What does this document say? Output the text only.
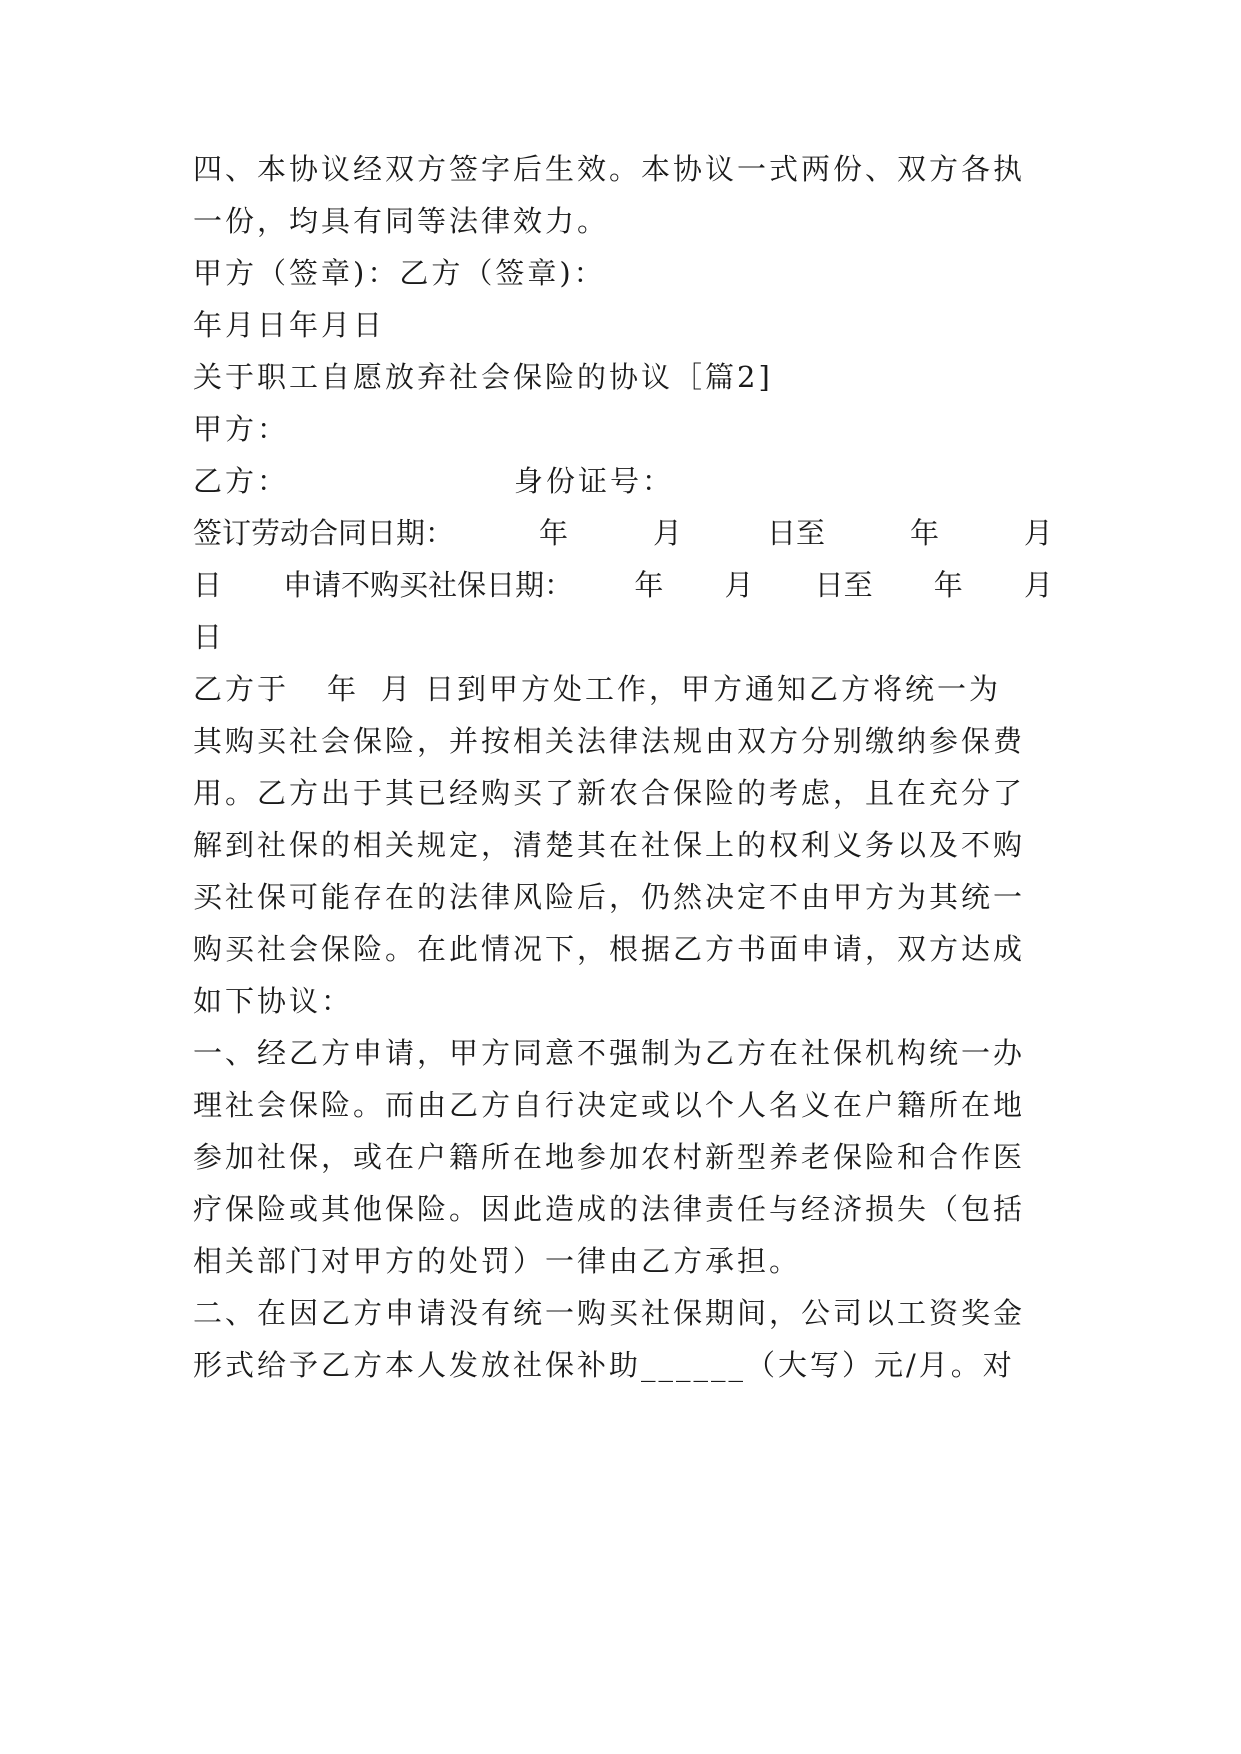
四、本协议经双方签字后生效。本协议一式两份、双方各执
一份，均具有同等法律效力。
甲方（签章)：乙方（签章)：
年月日年月日
关于职工自愿放弃社会保险的协议［篇2]
甲方：
乙方：	身份证号：
签订劳动合同日期：	年	月	日至	年	月
日 申请不购买社保日期： 年 月 日至 年 月
日
乙方于 年 月 日到甲方处工作，甲方通知乙方将统一为
其购买社会保险，并按相关法律法规由双方分别缴纳参保费
用。乙方出于其已经购买了新农合保险的考虑，且在充分了
解到社保的相关规定，清楚其在社保上的权利义务以及不购
买社保可能存在的法律风险后，仍然决定不由甲方为其统一
购买社会保险。在此情况下，根据乙方书面申请，双方达成
如下协议：
一、经乙方申请，甲方同意不强制为乙方在社保机构统一办
理社会保险。而由乙方自行决定或以个人名义在户籍所在地
参加社保，或在户籍所在地参加农村新型养老保险和合作医
疗保险或其他保险。因此造成的法律责任与经济损失（包括
相关部门对甲方的处罚）一律由乙方承担。
二、在因乙方申请没有统一购买社保期间，公司以工资奖金
形式给予乙方本人发放社保补助______（大写）元/月。对
